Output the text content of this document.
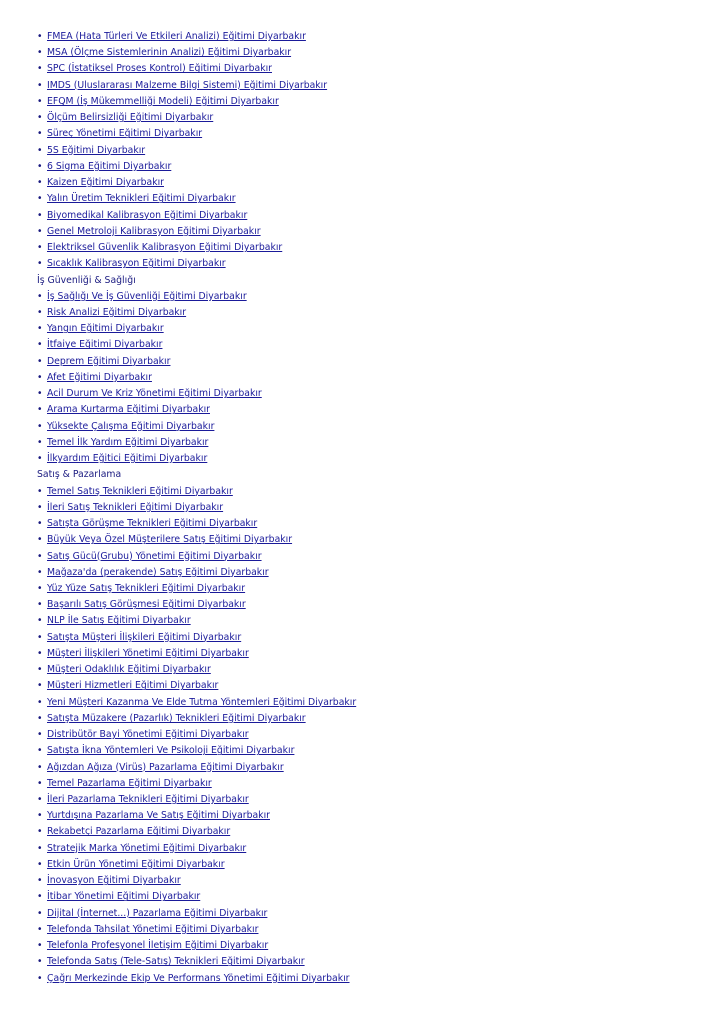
• FMEA (Hata Türleri Ve Etkileri Analizi) Eğitimi Diyarbakır
• MSA (Ölçme Sistemlerinin Analizi) Eğitimi Diyarbakır
• SPC (İstatiksel Proses Kontrol) Eğitimi Diyarbakır
• IMDS (Uluslararası Malzeme Bilgi Sistemi) Eğitimi Diyarbakır
• EFQM (İş Mükemmelliği Modeli) Eğitimi Diyarbakır
• Ölçüm Belirsizliği Eğitimi Diyarbakır
• Süreç Yönetimi Eğitimi Diyarbakır
• 5S Eğitimi Diyarbakır
• 6 Sigma Eğitimi Diyarbakır
• Kaizen Eğitimi Diyarbakır
• Yalın Üretim Teknikleri Eğitimi Diyarbakır
• Biyomedikal Kalibrasyon Eğitimi Diyarbakır
• Genel Metroloji Kalibrasyon Eğitimi Diyarbakır
• Elektriksel Güvenlik Kalibrasyon Eğitimi Diyarbakır
• Sıcaklık Kalibrasyon Eğitimi Diyarbakır
İş Güvenliği & Sağlığı
• İş Sağlığı Ve İş Güvenliği Eğitimi Diyarbakır
• Risk Analizi Eğitimi Diyarbakır
• Yangın Eğitimi Diyarbakır
• İtfaiye Eğitimi Diyarbakır
• Deprem Eğitimi Diyarbakır
• Afet Eğitimi Diyarbakır
• Acil Durum Ve Kriz Yönetimi Eğitimi Diyarbakır
• Arama Kurtarma Eğitimi Diyarbakır
• Yüksekte Çalışma Eğitimi Diyarbakır
• Temel İlk Yardım Eğitimi Diyarbakır
• İlkyardım Eğitici Eğitimi Diyarbakır
Satış & Pazarlama
• Temel Satış Teknikleri Eğitimi Diyarbakır
• İleri Satış Teknikleri Eğitimi Diyarbakır
• Satışta Görüşme Teknikleri Eğitimi Diyarbakır
• Büyük Veya Özel Müşterilere Satış Eğitimi Diyarbakır
• Satış Gücü(Grubu) Yönetimi Eğitimi Diyarbakır
• Mağaza'da (perakende) Satış Eğitimi Diyarbakır
• Yüz Yüze Satış Teknikleri Eğitimi Diyarbakır
• Başarılı Satış Görüşmesi Eğitimi Diyarbakır
• NLP İle Satış Eğitimi Diyarbakır
• Satışta Müşteri İlişkileri Eğitimi Diyarbakır
• Müşteri İlişkileri Yönetimi Eğitimi Diyarbakır
• Müşteri Odaklılık Eğitimi Diyarbakır
• Müşteri Hizmetleri Eğitimi Diyarbakır
• Yeni Müşteri Kazanma Ve Elde Tutma Yöntemleri Eğitimi Diyarbakır
• Satışta Müzakere (Pazarlık) Teknikleri Eğitimi Diyarbakır
• Distribütör Bayi Yönetimi Eğitimi Diyarbakır
• Satışta İkna Yöntemleri Ve Psikoloji Eğitimi Diyarbakır
• Ağızdan Ağıza (Virüs) Pazarlama Eğitimi Diyarbakır
• Temel Pazarlama Eğitimi Diyarbakır
• İleri Pazarlama Teknikleri Eğitimi Diyarbakır
• Yurtdışına Pazarlama Ve Satış Eğitimi Diyarbakır
• Rekabetçi Pazarlama Eğitimi Diyarbakır
• Stratejik Marka Yönetimi Eğitimi Diyarbakır
• Etkin Ürün Yönetimi Eğitimi Diyarbakır
• İnovasyon Eğitimi Diyarbakır
• İtibar Yönetimi Eğitimi Diyarbakır
• Dijital (İnternet...) Pazarlama Eğitimi Diyarbakır
• Telefonda Tahsilat Yönetimi Eğitimi Diyarbakır
• Telefonla Profesyonel İletişim Eğitimi Diyarbakır
• Telefonda Satış (Tele-Satış) Teknikleri Eğitimi Diyarbakır
• Çağrı Merkezinde Ekip Ve Performans Yönetimi Eğitimi Diyarbakır
